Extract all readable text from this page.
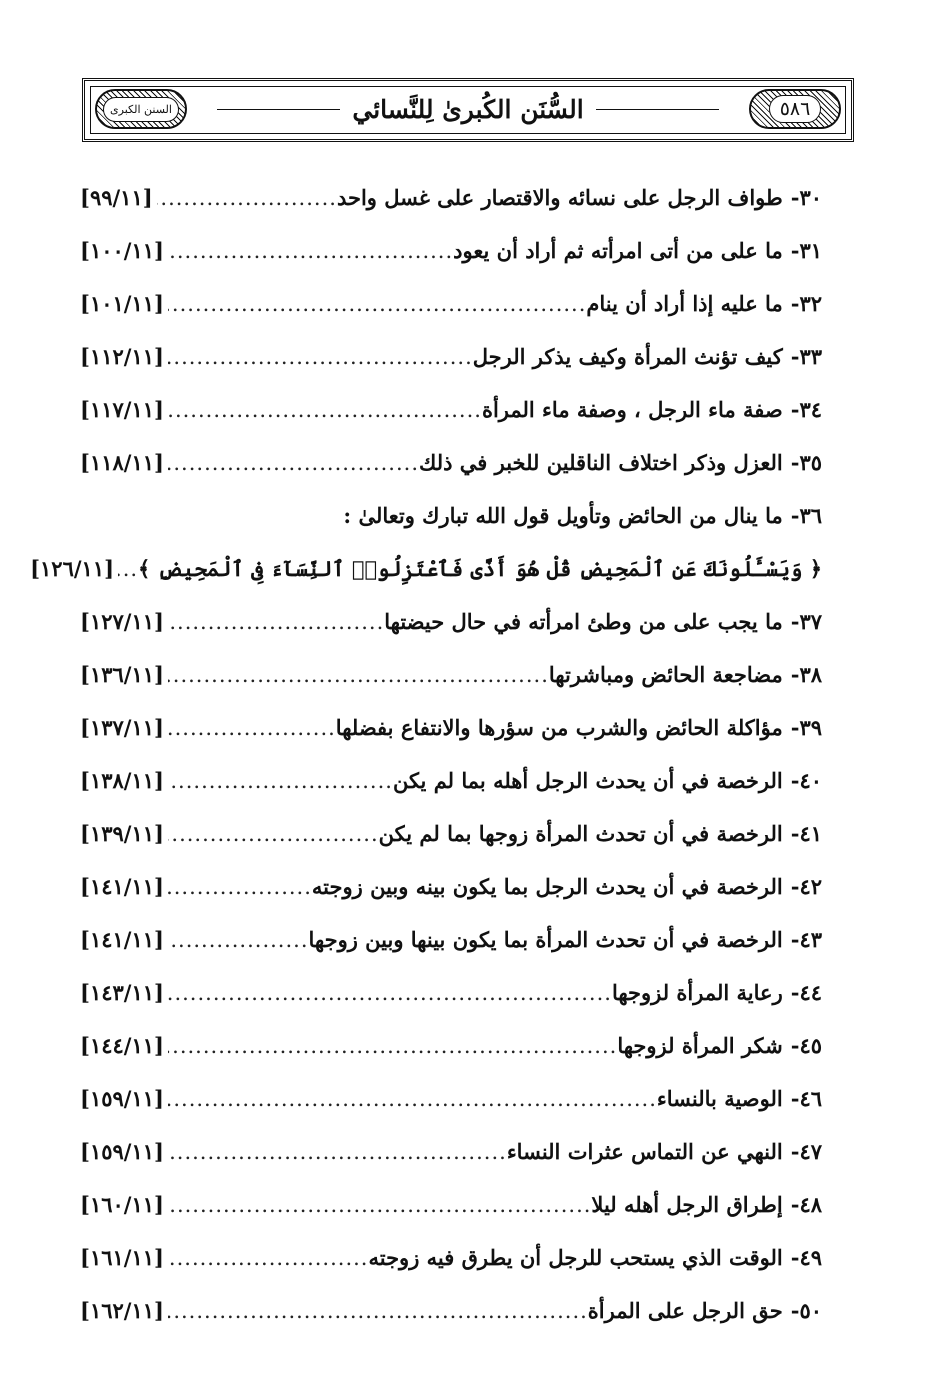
السنن الكبرى	السُّنَن الكُبرىٰ لِلنَّسائي	٥٨٦
٣٠-
طواف الرجل على نسائه والاقتصار على غسل واحد
.....
[٩٩/١١]
٣١-
ما على من أتى امرأته ثم أراد أن يعود
.....
[١٠٠/١١]
٣٢-
ما عليه إذا أراد أن ينام
.....
[١٠١/١١]
٣٣-
كيف تؤنث المرأة وكيف يذكر الرجل
.....
[١١٢/١١]
٣٤-
صفة ماء الرجل ، وصفة ماء المرأة
.....
[١١٧/١١]
٣٥-
العزل وذكر اختلاف الناقلين للخبر في ذلك
.....
[١١٨/١١]
٣٦-
ما ينال من الحائض وتأويل قول الله تبارك وتعالىٰ :
﴿ وَيَسْـَٔلُونَكَ عَنِ ٱلْمَحِيضِ قُلْ هُوَ أَذًى فَٱعْتَزِلُوا۟ ٱلنِّسَآءَ فِى ٱلْمَحِيضِ ﴾
.....
[١٢٦/١١]
٣٧-
ما يجب على من وطئ امرأته في حال حيضتها
.....
[١٢٧/١١]
٣٨-
مضاجعة الحائض ومباشرتها
.....
[١٣٦/١١]
٣٩-
مؤاكلة الحائض والشرب من سؤرها والانتفاع بفضلها
.....
[١٣٧/١١]
٤٠-
الرخصة في أن يحدث الرجل أهله بما لم يكن
.....
[١٣٨/١١]
٤١-
الرخصة في أن تحدث المرأة زوجها بما لم يكن
.....
[١٣٩/١١]
٤٢-
الرخصة في أن يحدث الرجل بما يكون بينه وبين زوجته
.....
[١٤١/١١]
٤٣-
الرخصة في أن تحدث المرأة بما يكون بينها وبين زوجها
.....
[١٤١/١١]
٤٤-
رعاية المرأة لزوجها
.....
[١٤٣/١١]
٤٥-
شكر المرأة لزوجها
.....
[١٤٤/١١]
٤٦-
الوصية بالنساء
.....
[١٥٩/١١]
٤٧-
النهي عن التماس عثرات النساء
.....
[١٥٩/١١]
٤٨-
إطراق الرجل أهله ليلا
.....
[١٦٠/١١]
٤٩-
الوقت الذي يستحب للرجل أن يطرق فيه زوجته
.....
[١٦١/١١]
٥٠-
حق الرجل على المرأة
.....
[١٦٢/١١]
